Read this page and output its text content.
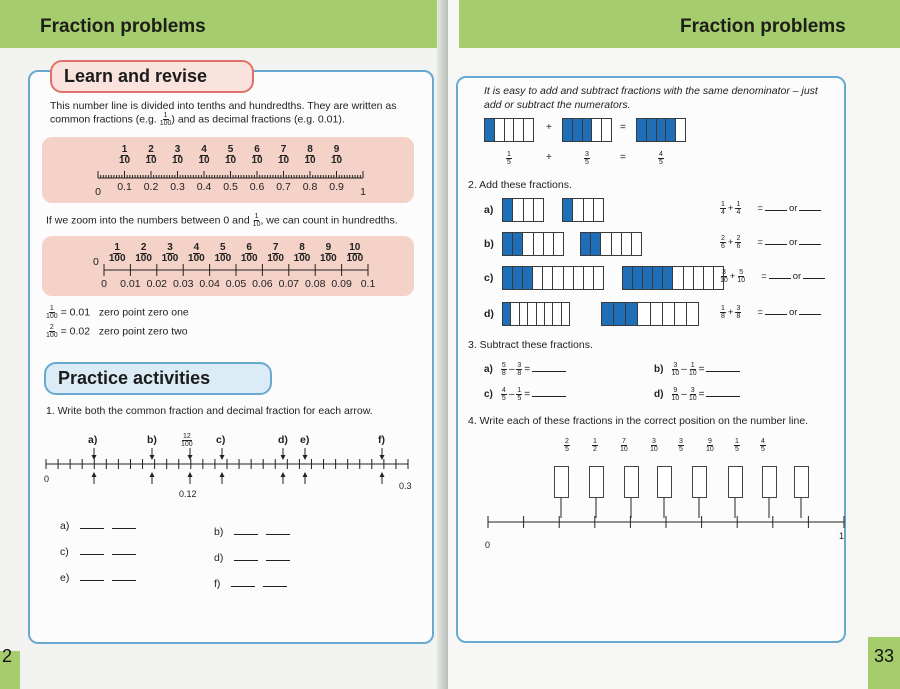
Fraction problems
Learn and revise
This number line is divided into tenths and hundredths. They are written as
common fractions (e.g. $\frac{1}{100}$ ) and as decimal fractions (e.g. 0.01).
$\frac{1}{10} \frac{2}{10} \frac{3}{10} \frac{4}{10} \frac{5}{10} \frac{6}{10} \frac{7}{10} \frac{8}{10} \frac{9}{10}$
0	0.1	0.2	0.3	0.4	0.5	0.6	0.7	0.8	0.9	1
If we zoom into the numbers between 0 and $\frac{1}{10}$ , we can count in hundredths.
$\frac{1}{100} \frac{2}{100} \frac{3}{100} \frac{4}{100} \frac{5}{100} \frac{6}{100} \frac{7}{100} \frac{8}{100} \frac{9}{100} \frac{10}{100}$
0
0	0.01 0.02 0.03 0.04 0.05 0.06 0.07 0.08 0.09 0.1
$\frac{1}{100} = 0.01$ zero point zero one
$\frac{2}{100} = 0.02$ zero point zero two
Practice activities
1. Write both the common fraction and decimal fraction for each arrow.
a)	b)	c)	d) e)	f)
$\frac{12}{100}$
0
0.3
0.12
a)	b)
c)	d)
e)	f)
2
Fraction problems
It is easy to add and subtract fractions with the same denominator – just add or subtract the numerators.
+	=
$\frac{1}{5}$	+	$\frac{3}{5}$	=	$\frac{4}{5}$
2. Add these fractions.
a)	$\frac{1}{4} + \frac{1}{4}$ =	or
b)	$\frac{2}{6} + \frac{2}{6}$ =	or
c)	$\frac{3}{10} + \frac{5}{10}$ =	or
d)	$\frac{1}{8} + \frac{3}{8}$ =	or
3. Subtract these fractions.
$a) \frac{5}{8} - \frac{3}{8}$ =	$b) \frac{3}{10} - \frac{1}{10}$ =
$c) \frac{4}{5} - \frac{1}{5}$ =	$d) \frac{9}{10} - \frac{3}{10}$ =
4. Write each of these fractions in the correct position on the number line.
$\frac{2}{5}$	$\frac{1}{2}$	$\frac{7}{10}$	$\frac{3}{10}$	$\frac{3}{5}$	$\frac{9}{10}$	$\frac{1}{5}$	$\frac{4}{5}$
0
1
33
